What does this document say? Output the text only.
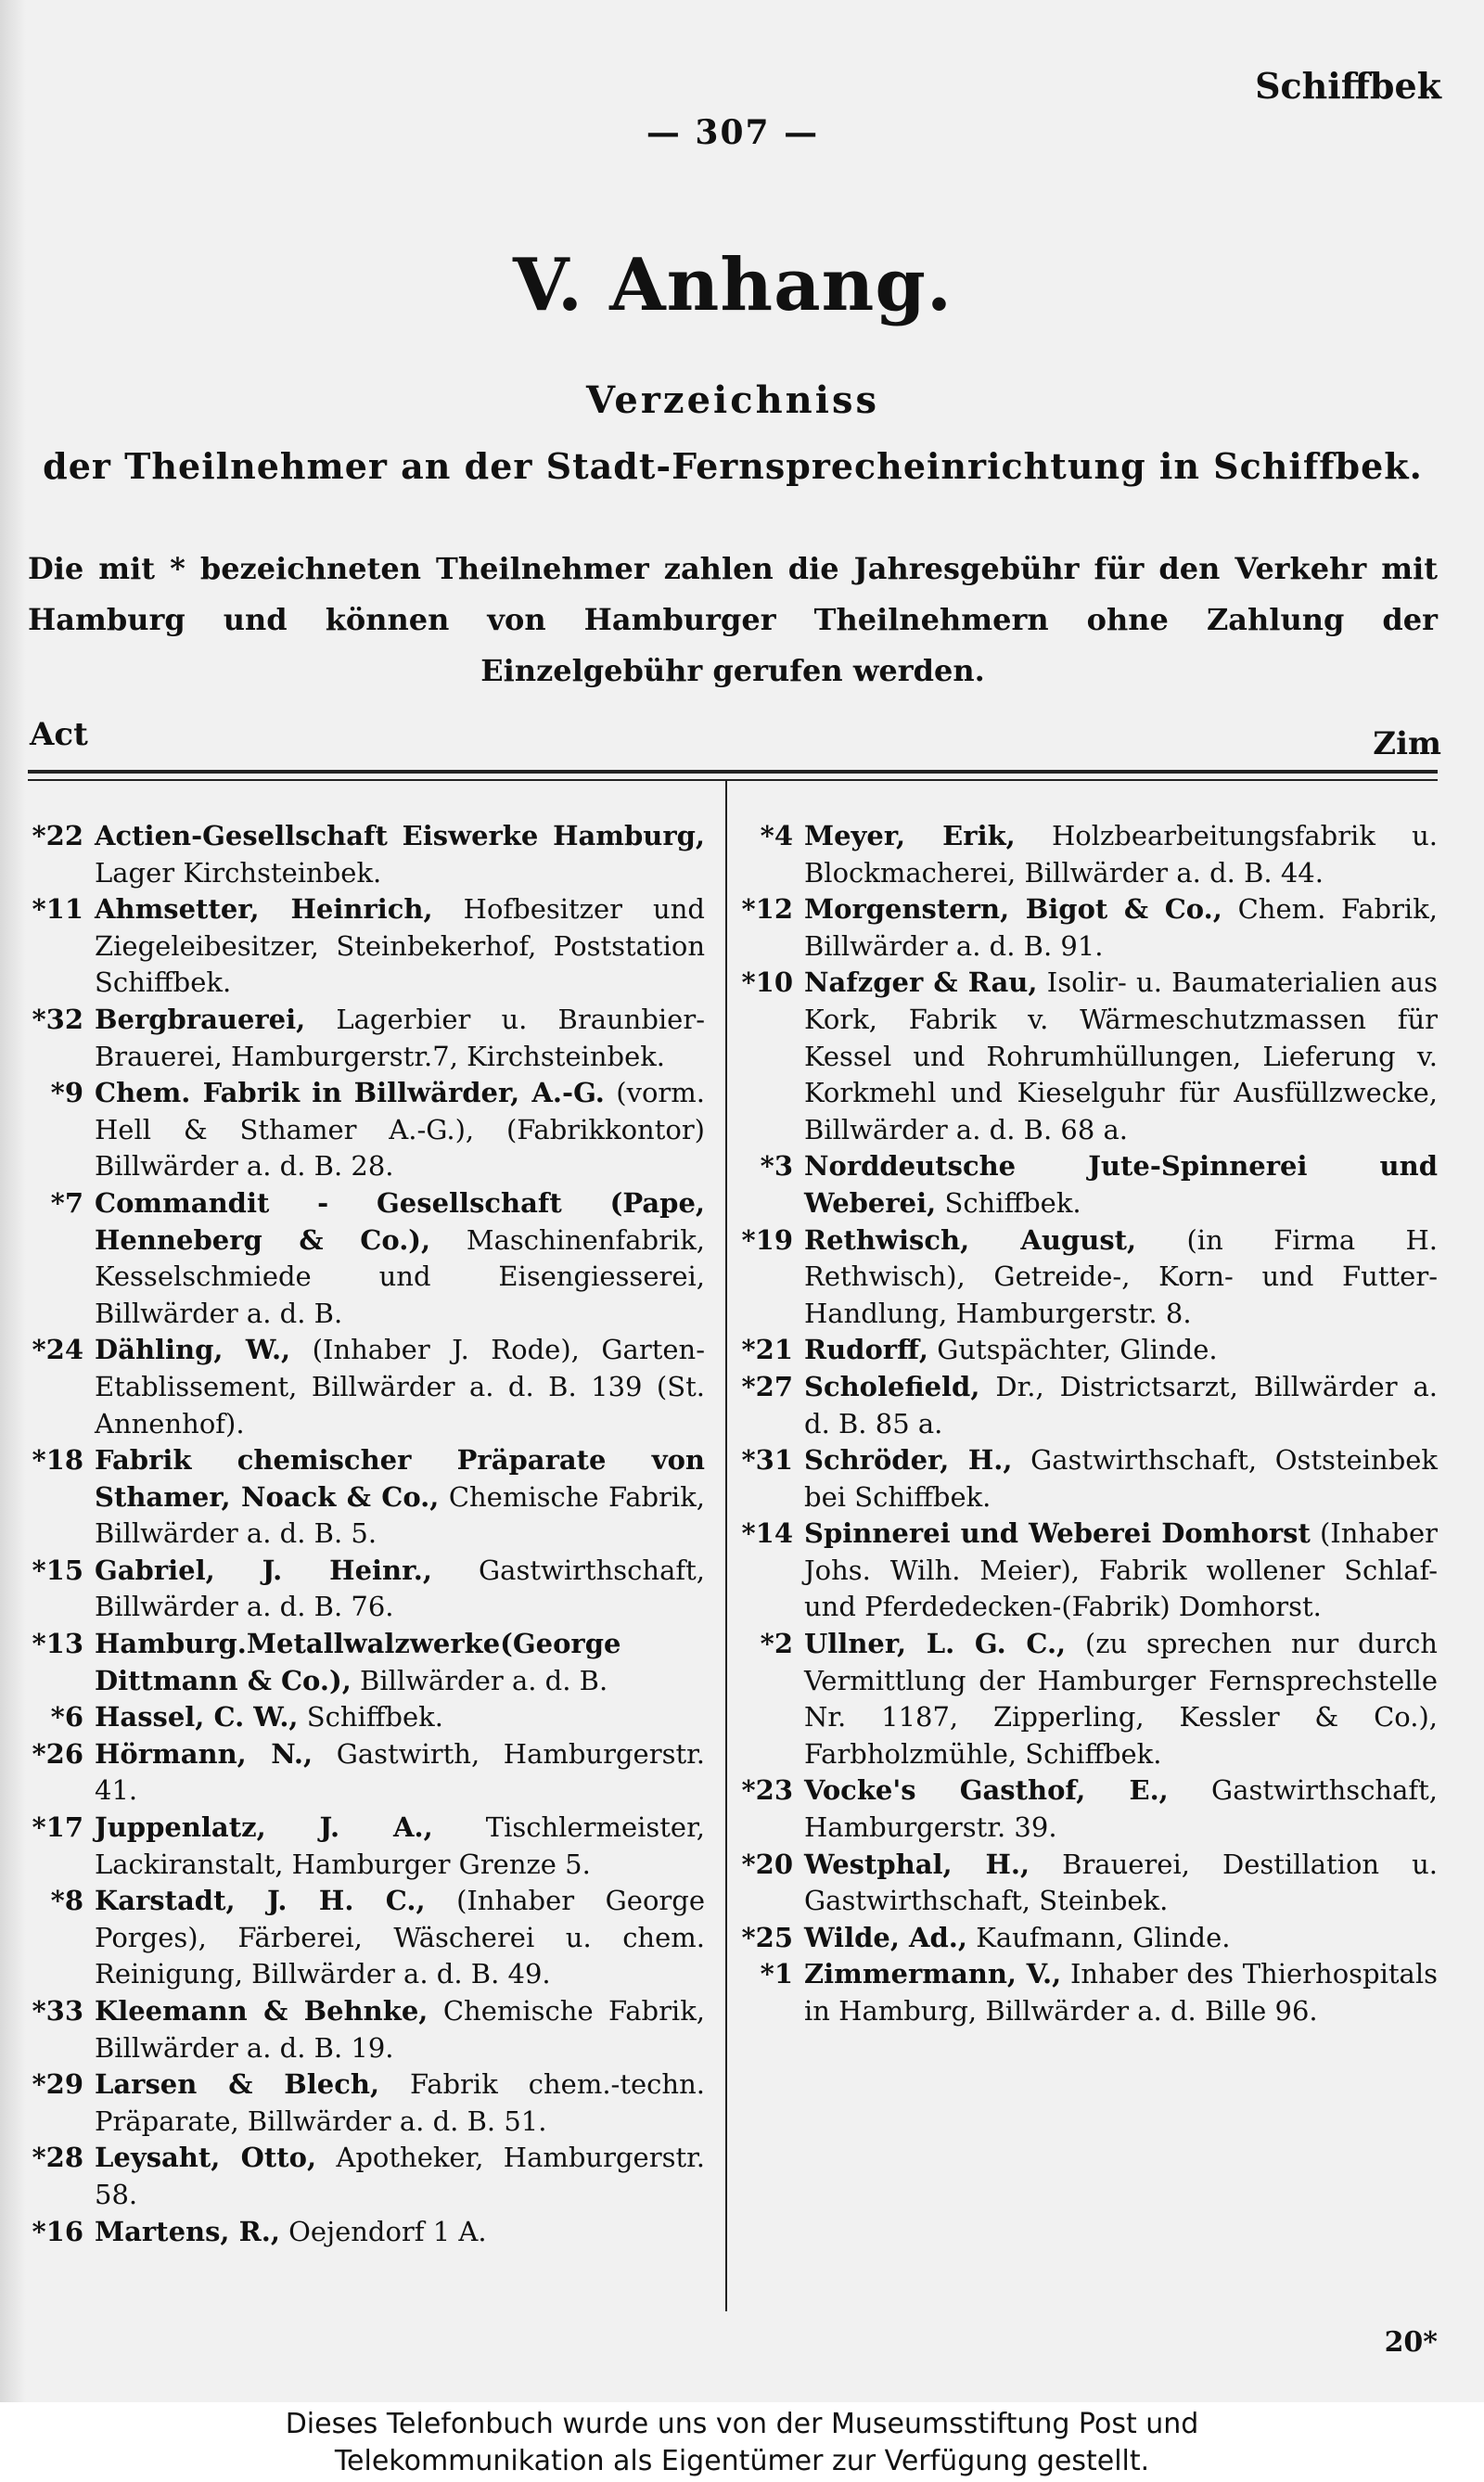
Schiffbek
— 307 —
V. Anhang.
Verzeichniss
der Theilnehmer an der Stadt-Fernsprecheinrichtung in Schiffbek.
Die mit * bezeichneten Theilnehmer zahlen die Jahresgebühr für den Verkehr mit Hamburg und können von Hamburger Theilnehmern ohne Zahlung der Einzelgebühr gerufen werden.
Act	Zim
*22 Actien-Gesellschaft Eiswerke Hamburg, Lager Kirchsteinbek.
*11 Ahmsetter, Heinrich, Hofbesitzer und Ziegeleibesitzer, Steinbekerhof, Poststation Schiffbek.
*32 Bergbrauerei, Lagerbier u. Braunbier-Brauerei, Hamburgerstr.7, Kirchsteinbek.
*9 Chem. Fabrik in Billwärder, A.-G. (vorm. Hell & Sthamer A.-G.), (Fabrikkontor) Billwärder a. d. B. 28.
*7 Commandit - Gesellschaft (Pape, Henneberg & Co.), Maschinenfabrik, Kesselschmiede und Eisengiesserei, Billwärder a. d. B.
*24 Dähling, W., (Inhaber J. Rode), Garten-Etablissement, Billwärder a. d. B. 139 (St. Annenhof).
*18 Fabrik chemischer Präparate von Sthamer, Noack & Co., Chemische Fabrik, Billwärder a. d. B. 5.
*15 Gabriel, J. Heinr., Gastwirthschaft, Billwärder a. d. B. 76.
*13 Hamburg.Metallwalzwerke(George Dittmann & Co.), Billwärder a. d. B.
*6 Hassel, C. W., Schiffbek.
*26 Hörmann, N., Gastwirth, Hamburgerstr. 41.
*17 Juppenlatz, J. A., Tischlermeister, Lackiranstalt, Hamburger Grenze 5.
*8 Karstadt, J. H. C., (Inhaber George Porges), Färberei, Wäscherei u. chem. Reinigung, Billwärder a. d. B. 49.
*33 Kleemann & Behnke, Chemische Fabrik, Billwärder a. d. B. 19.
*29 Larsen & Blech, Fabrik chem.-techn. Präparate, Billwärder a. d. B. 51.
*28 Leysaht, Otto, Apotheker, Hamburgerstr. 58.
*16 Martens, R., Oejendorf 1 A.
*4 Meyer, Erik, Holzbearbeitungsfabrik u. Blockmacherei, Billwärder a. d. B. 44.
*12 Morgenstern, Bigot & Co., Chem. Fabrik, Billwärder a. d. B. 91.
*10 Nafzger & Rau, Isolir- u. Baumaterialien aus Kork, Fabrik v. Wärmeschutzmassen für Kessel und Rohrumhüllungen, Lieferung v. Korkmehl und Kieselguhr für Ausfüllzwecke, Billwärder a. d. B. 68 a.
*3 Norddeutsche Jute-Spinnerei und Weberei, Schiffbek.
*19 Rethwisch, August, (in Firma H. Rethwisch), Getreide-, Korn- und Futter-Handlung, Hamburgerstr. 8.
*21 Rudorff, Gutspächter, Glinde.
*27 Scholefield, Dr., Districtsarzt, Billwärder a. d. B. 85 a.
*31 Schröder, H., Gastwirthschaft, Oststeinbek bei Schiffbek.
*14 Spinnerei und Weberei Domhorst (Inhaber Johs. Wilh. Meier), Fabrik wollener Schlaf- und Pferdedecken-(Fabrik) Domhorst.
*2 Ullner, L. G. C., (zu sprechen nur durch Vermittlung der Hamburger Fernsprechstelle Nr. 1187, Zipperling, Kessler & Co.), Farbholzmühle, Schiffbek.
*23 Vocke's Gasthof, E., Gastwirthschaft, Hamburgerstr. 39.
*20 Westphal, H., Brauerei, Destillation u. Gastwirthschaft, Steinbek.
*25 Wilde, Ad., Kaufmann, Glinde.
*1 Zimmermann, V., Inhaber des Thierhospitals in Hamburg, Billwärder a. d. Bille 96.
20*
Dieses Telefonbuch wurde uns von der Museumsstiftung Post und
Telekommunikation als Eigentümer zur Verfügung gestellt.
